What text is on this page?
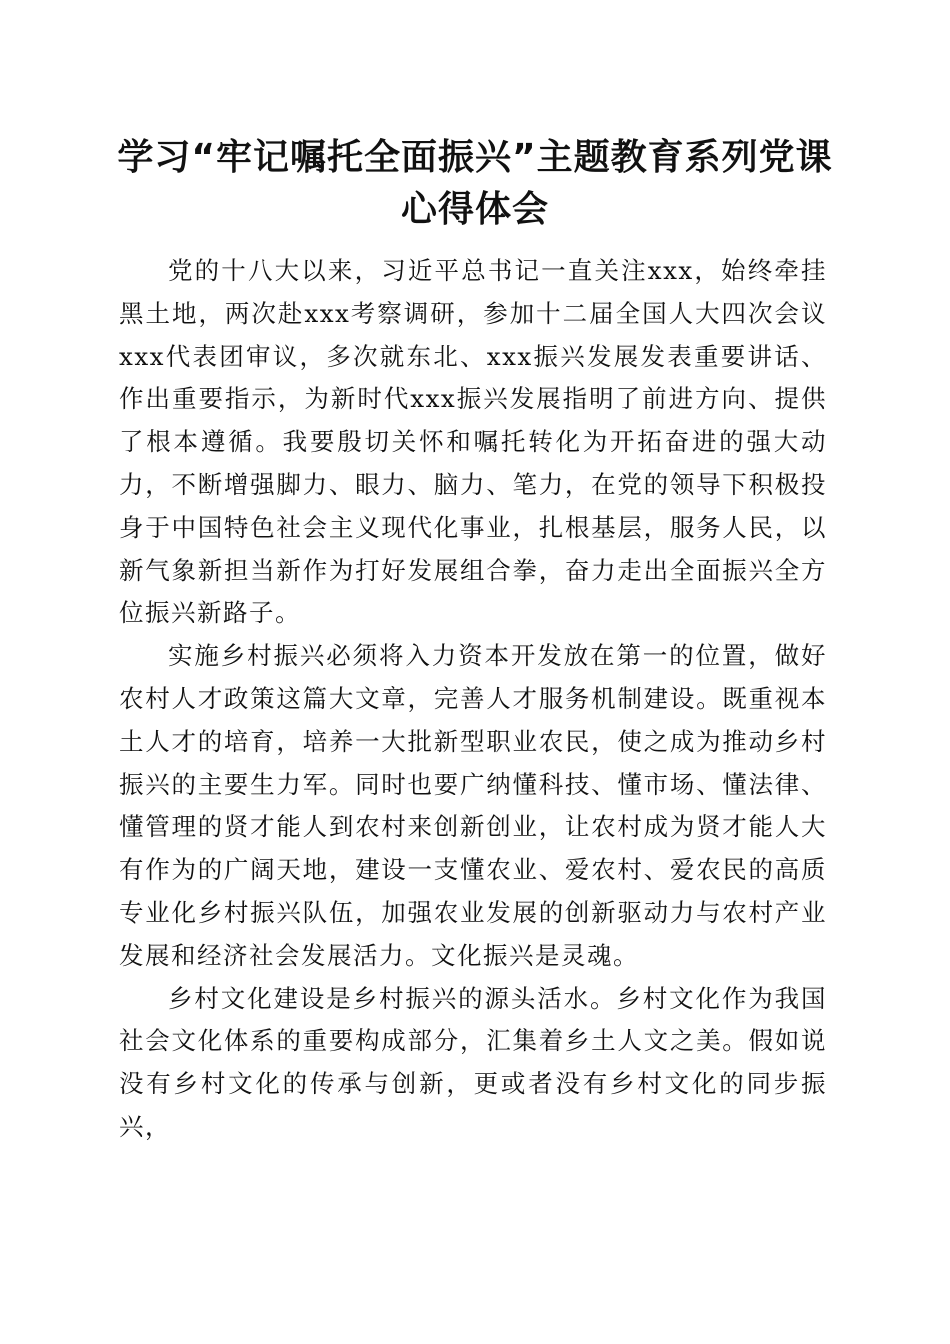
学习“牢记嘱托全面振兴”主题教育系列党课
心得体会

党的十八大以来，习近平总书记一直关注xxx，始终牵挂黑土地，两次赴xxx考察调研，参加十二届全国人大四次会议xxx代表团审议，多次就东北、xxx振兴发展发表重要讲话、作出重要指示，为新时代xxx振兴发展指明了前进方向、提供了根本遵循。我要殷切关怀和嘱托转化为开拓奋进的强大动力，不断增强脚力、眼力、脑力、笔力，在党的领导下积极投身于中国特色社会主义现代化事业，扎根基层，服务人民，以新气象新担当新作为打好发展组合拳，奋力走出全面振兴全方位振兴新路子。

实施乡村振兴必须将入力资本开发放在第一的位置，做好农村人才政策这篇大文章，完善人才服务机制建设。既重视本土人才的培育，培养一大批新型职业农民，使之成为推动乡村振兴的主要生力军。同时也要广纳懂科技、懂市场、懂法律、懂管理的贤才能人到农村来创新创业，让农村成为贤才能人大有作为的广阔天地，建设一支懂农业、爱农村、爱农民的高质专业化乡村振兴队伍，加强农业发展的创新驱动力与农村产业发展和经济社会发展活力。文化振兴是灵魂。

乡村文化建设是乡村振兴的源头活水。乡村文化作为我国社会文化体系的重要构成部分，汇集着乡土人文之美。假如说没有乡村文化的传承与创新，更或者没有乡村文化的同步振兴，
